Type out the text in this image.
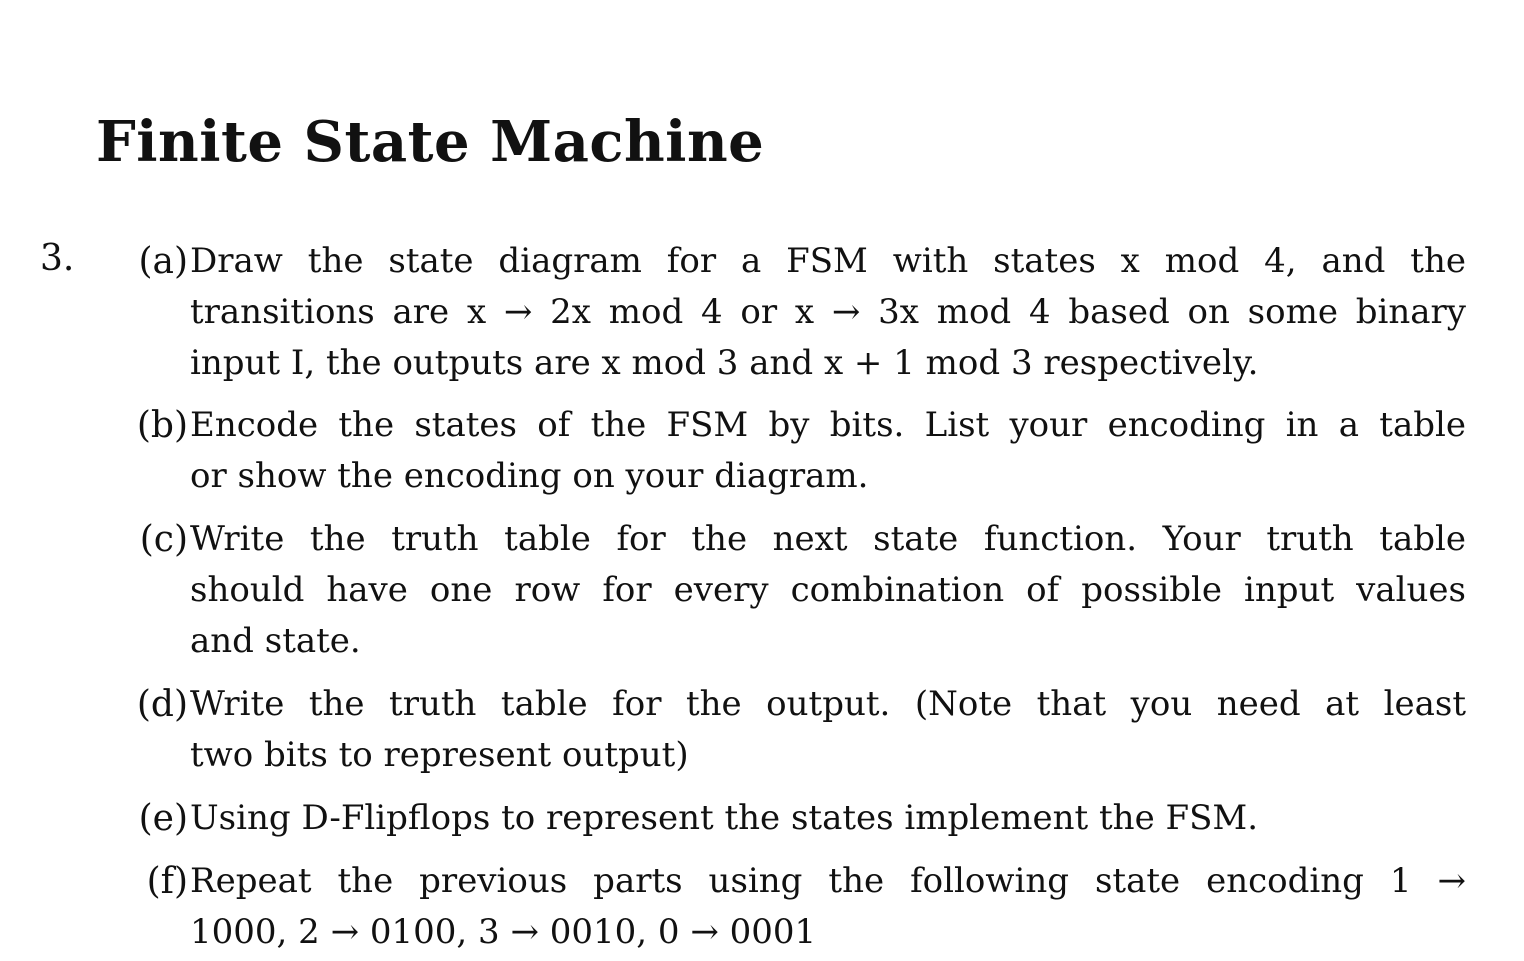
Finite State Machine
3.	(a) Draw the state diagram for a FSM with states x mod 4, and the
transitions are x → 2x mod 4 or x → 3x mod 4 based on some binary
input I, the outputs are x mod 3 and x + 1 mod 3 respectively.
(b) Encode the states of the FSM by bits. List your encoding in a table
or show the encoding on your diagram.
(c) Write the truth table for the next state function. Your truth table
should have one row for every combination of possible input values
and state.
(d) Write the truth table for the output. (Note that you need at least
two bits to represent output)
(e) Using D-Flipflops to represent the states implement the FSM.
(f) Repeat the previous parts using the following state encoding 1 →
1000, 2 → 0100, 3 → 0010, 0 → 0001
